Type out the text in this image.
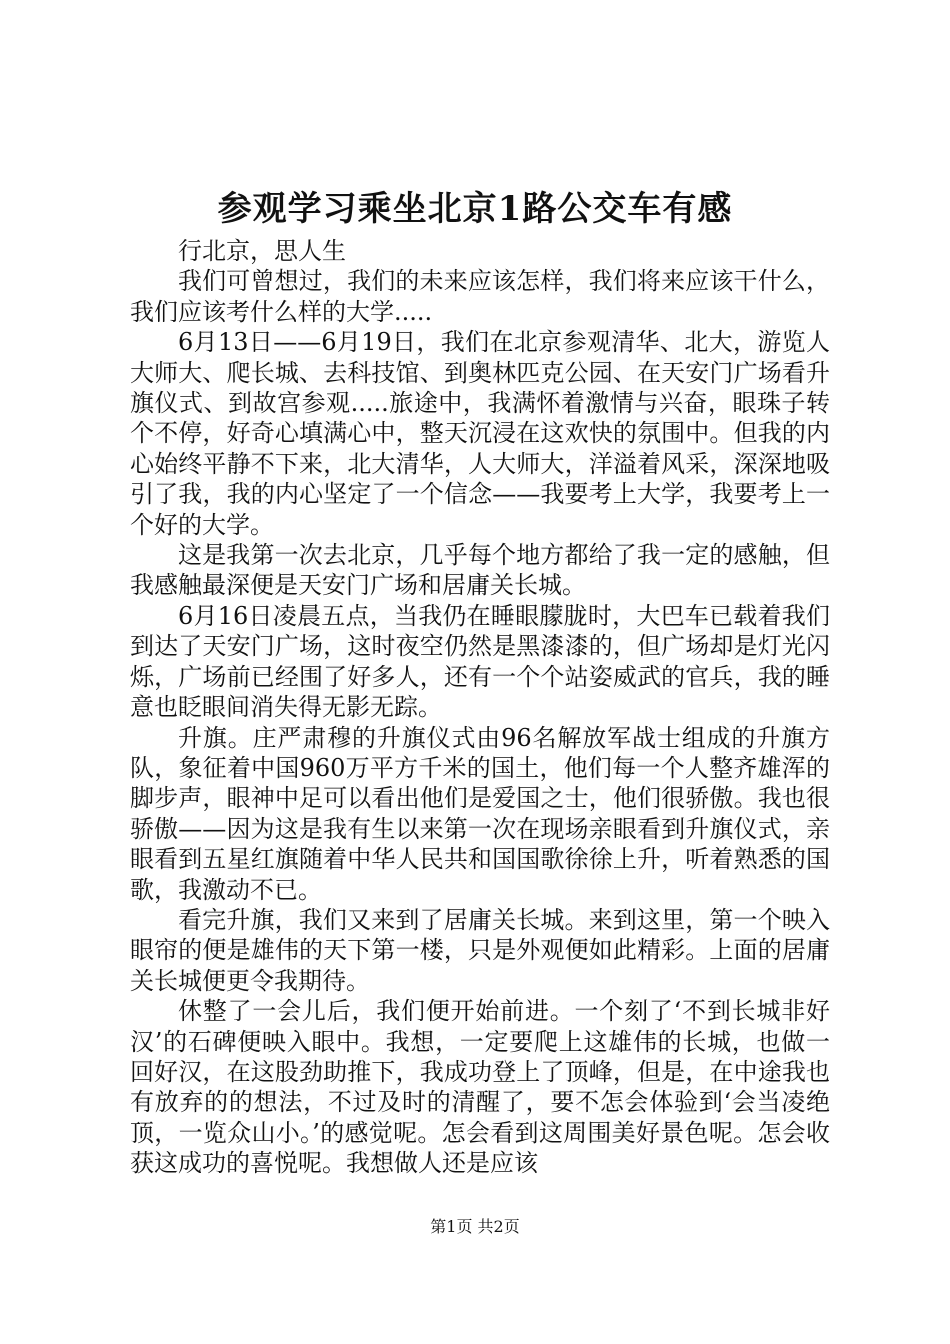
参观学习乘坐北京1路公交车有感

行北京，思人生

我们可曾想过，我们的未来应该怎样，我们将来应该干什么，我们应该考什么样的大学.....

6月13日——6月19日，我们在北京参观清华、北大，游览人大师大、爬长城、去科技馆、到奥林匹克公园、在天安门广场看升旗仪式、到故宫参观.....旅途中，我满怀着激情与兴奋，眼珠子转个不停，好奇心填满心中，整天沉浸在这欢快的氛围中。但我的内心始终平静不下来，北大清华，人大师大，洋溢着风采，深深地吸引了我，我的内心坚定了一个信念——我要考上大学，我要考上一个好的大学。

这是我第一次去北京，几乎每个地方都给了我一定的感触，但我感触最深便是天安门广场和居庸关长城。

6月16日凌晨五点，当我仍在睡眼朦胧时，大巴车已载着我们到达了天安门广场，这时夜空仍然是黑漆漆的，但广场却是灯光闪烁，广场前已经围了好多人，还有一个个站姿威武的官兵，我的睡意也眨眼间消失得无影无踪。

升旗。庄严肃穆的升旗仪式由96名解放军战士组成的升旗方队，象征着中国960万平方千米的国土，他们每一个人整齐雄浑的脚步声，眼神中足可以看出他们是爱国之士，他们很骄傲。我也很骄傲——因为这是我有生以来第一次在现场亲眼看到升旗仪式，亲眼看到五星红旗随着中华人民共和国国歌徐徐上升，听着熟悉的国歌，我激动不已。

看完升旗，我们又来到了居庸关长城。来到这里，第一个映入眼帘的便是雄伟的天下第一楼，只是外观便如此精彩。上面的居庸关长城便更令我期待。

休整了一会儿后，我们便开始前进。一个刻了‘不到长城非好汉’的石碑便映入眼中。我想，一定要爬上这雄伟的长城，也做一回好汉，在这股劲助推下，我成功登上了顶峰，但是，在中途我也有放弃的的想法，不过及时的清醒了，要不怎会体验到‘会当凌绝顶，一览众山小。’的感觉呢。怎会看到这周围美好景色呢。怎会收获这成功的喜悦呢。我想做人还是应该

第1页 共2页
